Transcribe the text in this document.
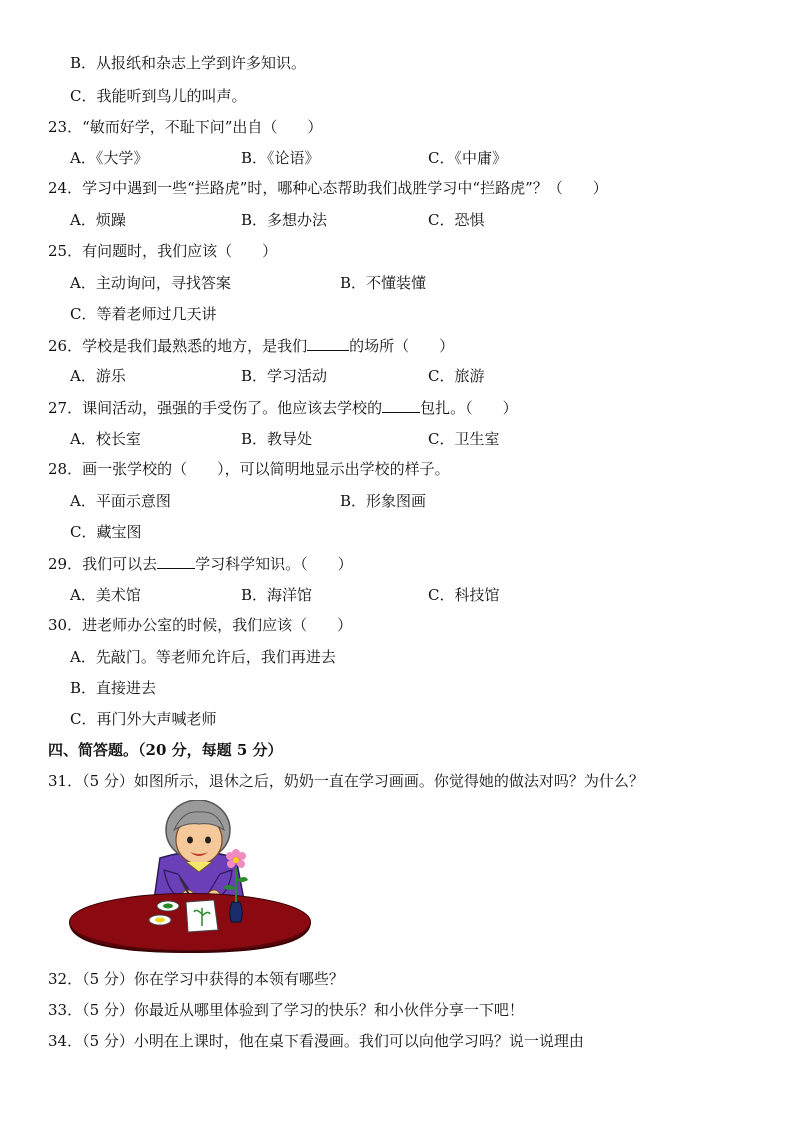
B．从报纸和杂志上学到许多知识。
C．我能听到鸟儿的叫声。
23．“敏而好学，不耻下问”出自（　　）
A．《大学》	B．《论语》	C．《中庸》
24．学习中遇到一些“拦路虎”时，哪种心态帮助我们战胜学习中“拦路虎”？（　　）
A．烦躁	B．多想办法	C．恐惧
25．有问题时，我们应该（　　）
A．主动询问，寻找答案	B．不懂装懂
C．等着老师过几天讲
26．学校是我们最熟悉的地方，是我们	的场所（　　）
A．游乐	B．学习活动	C．旅游
27．课间活动，强强的手受伤了。他应该去学校的	包扎。（　　）
A．校长室	B．教导处	C．卫生室
28．画一张学校的（　　），可以简明地显示出学校的样子。
A．平面示意图	B．形象图画
C．藏宝图
29．我们可以去	学习科学知识。（　　）
A．美术馆	B．海洋馆	C．科技馆
30．进老师办公室的时候，我们应该（　　）
A．先敲门。等老师允许后，我们再进去
B．直接进去
C．再门外大声喊老师
四、简答题。（20 分，每题 5 分）
31．（5 分）如图所示，退休之后，奶奶一直在学习画画。你觉得她的做法对吗？为什么？
32．（5 分）你在学习中获得的本领有哪些？
33．（5 分）你最近从哪里体验到了学习的快乐？和小伙伴分享一下吧！
34．（5 分）小明在上课时，他在桌下看漫画。我们可以向他学习吗？说一说理由
